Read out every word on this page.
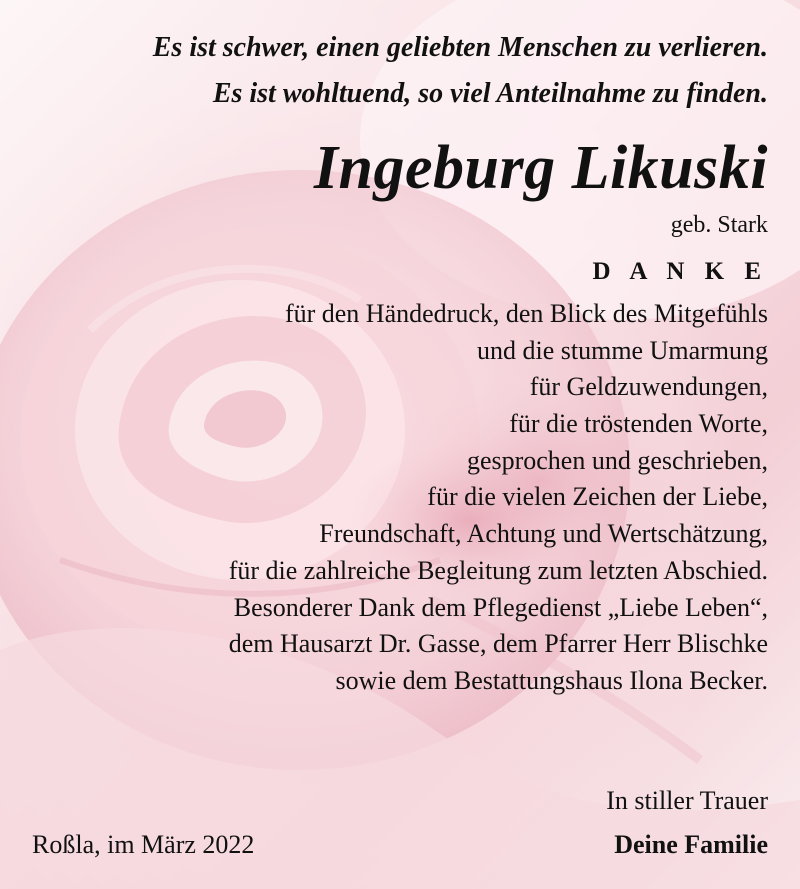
Es ist schwer, einen geliebten Menschen zu verlieren.
Es ist wohltuend, so viel Anteilnahme zu finden.
Ingeburg Likuski
geb. Stark
D A N K E
für den Händedruck, den Blick des Mitgefühls
und die stumme Umarmung
für Geldzuwendungen,
für die tröstenden Worte,
gesprochen und geschrieben,
für die vielen Zeichen der Liebe,
Freundschaft, Achtung und Wertschätzung,
für die zahlreiche Begleitung zum letzten Abschied.
Besonderer Dank dem Pflegedienst „Liebe Leben“,
dem Hausarzt Dr. Gasse, dem Pfarrer Herr Blischke
sowie dem Bestattungshaus Ilona Becker.
In stiller Trauer
Deine Familie
Roßla, im März 2022
